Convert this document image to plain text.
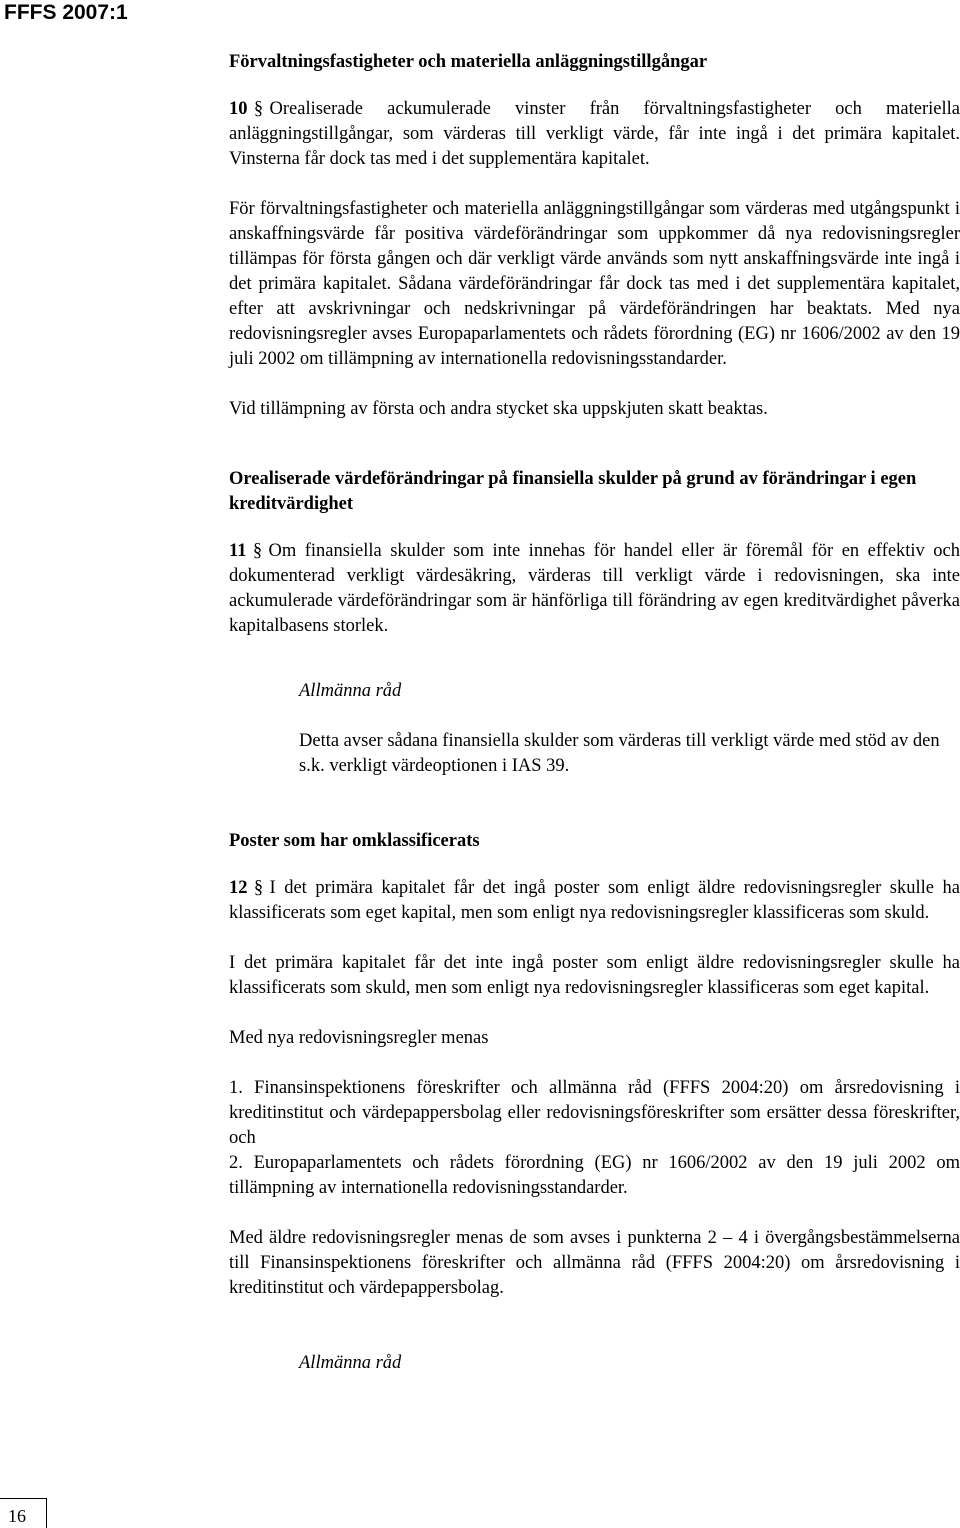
FFFS 2007:1
Förvaltningsfastigheter och materiella anläggningstillgångar

10 § Orealiserade ackumulerade vinster från förvaltningsfastigheter och materiella anläggningstillgångar, som värderas till verkligt värde, får inte ingå i det primära kapitalet. Vinsterna får dock tas med i det supplementära kapitalet.

För förvaltningsfastigheter och materiella anläggningstillgångar som värderas med utgångspunkt i anskaffningsvärde får positiva värdeförändringar som uppkommer då nya redovisningsregler tillämpas för första gången och där verkligt värde används som nytt anskaffningsvärde inte ingå i det primära kapitalet. Sådana värdeförändringar får dock tas med i det supplementära kapitalet, efter att avskrivningar och nedskrivningar på värdeförändringen har beaktats. Med nya redovisningsregler avses Europaparlamentets och rådets förordning (EG) nr 1606/2002 av den 19 juli 2002 om tillämpning av internationella redovisningsstandarder.

Vid tillämpning av första och andra stycket ska uppskjuten skatt beaktas.

Orealiserade värdeförändringar på finansiella skulder på grund av förändringar i egen kreditvärdighet

11 § Om finansiella skulder som inte innehas för handel eller är föremål för en effektiv och dokumenterad verkligt värdesäkring, värderas till verkligt värde i redovisningen, ska inte ackumulerade värdeförändringar som är hänförliga till förändring av egen kreditvärdighet påverka kapitalbasens storlek.

Allmänna råd

Detta avser sådana finansiella skulder som värderas till verkligt värde med stöd av den s.k. verkligt värdeoptionen i IAS 39.

Poster som har omklassificerats

12 § I det primära kapitalet får det ingå poster som enligt äldre redovisningsregler skulle ha klassificerats som eget kapital, men som enligt nya redovisningsregler klassificeras som skuld.

I det primära kapitalet får det inte ingå poster som enligt äldre redovisningsregler skulle ha klassificerats som skuld, men som enligt nya redovisningsregler klassificeras som eget kapital.

Med nya redovisningsregler menas

1. Finansinspektionens föreskrifter och allmänna råd (FFFS 2004:20) om årsredovisning i kreditinstitut och värdepappersbolag eller redovisningsföreskrifter som ersätter dessa föreskrifter, och

2. Europaparlamentets och rådets förordning (EG) nr 1606/2002 av den 19 juli 2002 om tillämpning av internationella redovisningsstandarder.

Med äldre redovisningsregler menas de som avses i punkterna 2 – 4 i övergångsbestämmelserna till Finansinspektionens föreskrifter och allmänna råd (FFFS 2004:20) om årsredovisning i kreditinstitut och värdepappersbolag.

Allmänna råd
16
